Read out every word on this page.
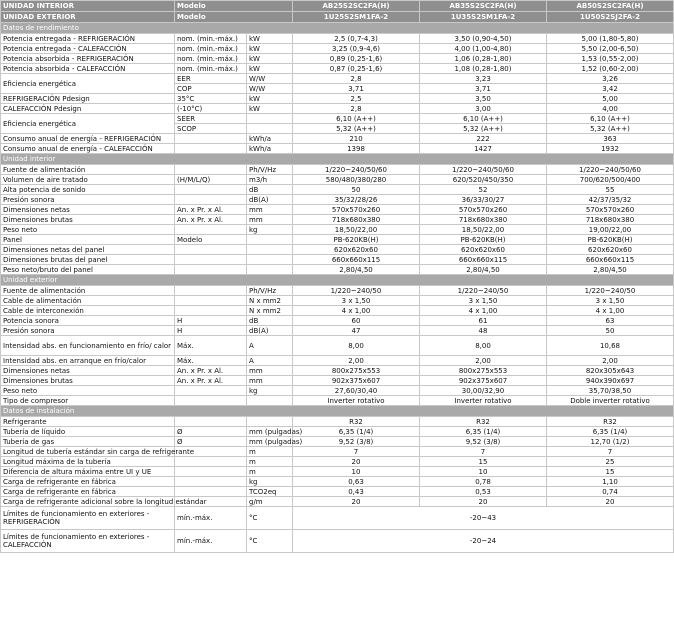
UNIDAD INTERIOR	Modelo		AB25S2SC2FA(H)	AB35S2SC2FA(H)	AB50S2SC2FA(H)
UNIDAD EXTERIOR	Modelo		1U25S2SM1FA-2	1U35S2SM1FA-2	1U50S2SJ2FA-2
Datos de rendimiento					
Potencia entregada - REFRIGERACIÓN	nom. (min.-máx.)	kW	2,5 (0,7-4,3)	3,50 (0,90-4,50)	5,00 (1,80-5,80)
Potencia entregada - CALEFACCIÓN	nom. (min.-máx.)	kW	3,25 (0,9-4,6)	4,00 (1,00-4,80)	5,50 (2,00-6,50)
Potencia absorbida - REFRIGERACIÓN	nom. (min.-máx.)	kW	0,89 (0,25-1,6)	1,06 (0,28-1,80)	1,53 (0,55-2,00)
Potencia absorbida - CALEFACCIÓN	nom. (min.-máx.)	kW	0,87 (0,25-1,6)	1,08 (0,28-1,80)	1,52 (0,60-2,00)
Eficiencia energética	EER	W/W	2,8	3,23	3,26
	COP	W/W	3,71	3,71	3,42
REFRIGERACIÓN Pdesign	35°C	kW	2,5	3,50	5,00
CALEFACCIÓN Pdesign	(-10°C)	kW	2,8	3,00	4,00
Eficiencia energética	SEER		6,10 (A++)	6,10 (A++)	6,10 (A++)
	SCOP		5,32 (A++)	5,32 (A++)	5,32 (A++)
Consumo anual de energía - REFRIGERACIÓN		kWh/a	210	222	363
Consumo anual de energía - CALEFACCIÓN		kWh/a	1398	1427	1932
Unidad interior					
Fuente de alimentación		Ph/V/Hz	1/220~240/50/60	1/220~240/50/60	1/220~240/50/60
Volumen de aire tratado	(H/M/L/Q)	m3/h	580/480/380/280	620/520/450/350	700/620/500/400
Alta potencia de sonido		dB	50	52	55
Presión sonora		dB(A)	35/32/28/26	36/33/30/27	42/37/35/32
Dimensiones netas	An. x Pr. x Al.	mm	570x570x260	570x570x260	570x570x260
Dimensiones brutas	An. x Pr. x Al.	mm	718x680x380	718x680x380	718x680x380
Peso neto		kg	18,50/22,00	18,50/22,00	19,00/22,00
Panel	Modelo		PB-620KB(H)	PB-620KB(H)	PB-620KB(H)
Dimensiones netas del panel			620x620x60	620x620x60	620x620x60
Dimensiones brutas del panel			660x660x115	660x660x115	660x660x115
Peso neto/bruto del panel			2,80/4,50	2,80/4,50	2,80/4,50
Unidad exterior					
Fuente de alimentación		Ph/V/Hz	1/220~240/50	1/220~240/50	1/220~240/50
Cable de alimentación		N x mm2	3 x 1,50	3 x 1,50	3 x 1,50
Cable de interconexión		N x mm2	4 x 1,00	4 x 1,00	4 x 1,00
Potencia sonora	H	dB	60	61	63
Presión sonora	H	dB(A)	47	48	50
Intensidad abs. en funcionamiento en frío/ calor	Máx.	A	8,00	8,00	10,68
Intensidad abs. en arranque en frío/calor	Máx.	A	2,00	2,00	2,00
Dimensiones netas	An. x Pr. x Al.	mm	800x275x553	800x275x553	820x305x643
Dimensiones brutas	An. x Pr. x Al.	mm	902x375x607	902x375x607	940x390x697
Peso neto		kg	27,60/30,40	30,00/32,90	35,70/38,50
Tipo de compresor			Inverter rotativo	Inverter rotativo	Doble inverter rotativo
Datos de instalación					
Refrigerante			R32	R32	R32
Tubería de líquido	Ø	mm (pulgadas)	6,35 (1/4)	6,35 (1/4)	6,35 (1/4)
Tubería de gas	Ø	mm (pulgadas)	9,52 (3/8)	9,52 (3/8)	12,70 (1/2)
Longitud de tubería estándar sin carga de refrigerante		m	7	7	7
Longitud máxima de la tubería		m	20	15	25
Diferencia de altura máxima entre UI y UE		m	10	10	15
Carga de refrigerante en fábrica		kg	0,63	0,78	1,10
Carga de refrigerante en fábrica		TCO2eq	0,43	0,53	0,74
Carga de refrigerante adicional sobre la longitud estándar		g/m	20	20	20
Límites de funcionamiento en exteriores - REFRIGERACIÓN	mín.-máx.	°C	-20~43		
Límites de funcionamiento en exteriores - CALEFACCIÓN	mín.-máx.	°C	-20~24		
